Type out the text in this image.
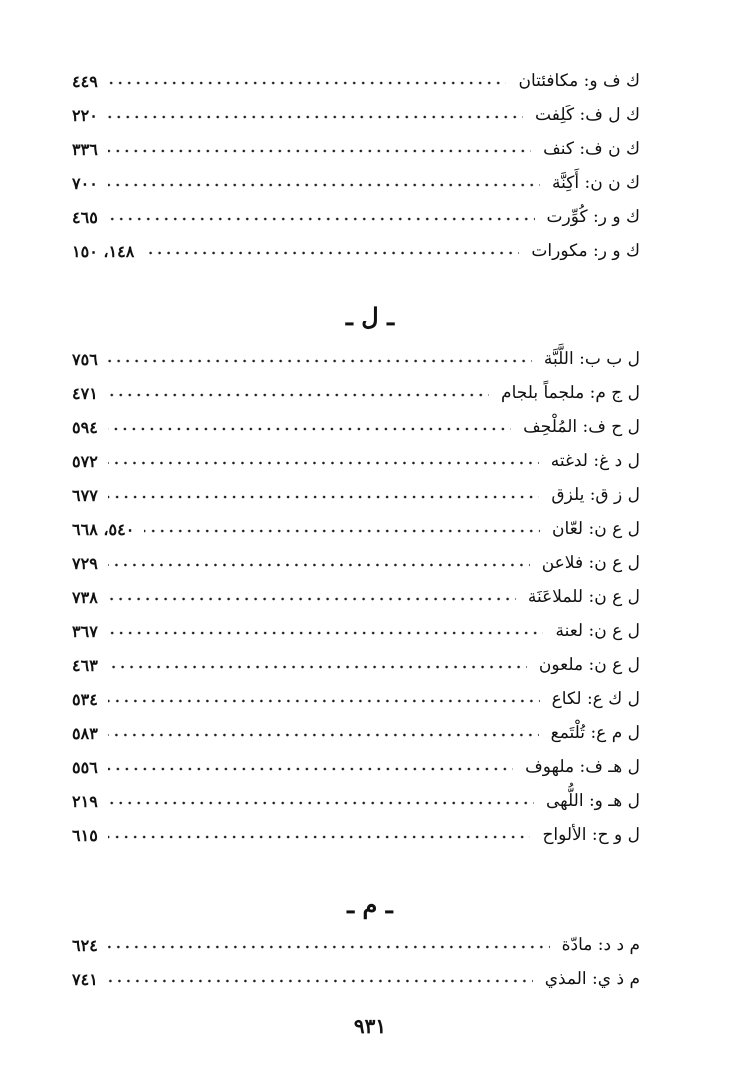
ك ف و: مكافئتان
٤٤٩
ك ل ف: كَلِفت
٢٢٠
ك ن ف: كنف
٣٣٦
ك ن ن: أَكِنَّة
٧٠٠
ك و ر: كُوِّرت
٤٦٥
ك و ر: مكورات
١٤٨، ١٥٠
ـ ل ـ
ل ب ب: اللَّبَّة
٧٥٦
ل ج م: ملجماً بلجام
٤٧١
ل ح ف: المُلْحِف
٥٩٤
ل د غ: لدغته
٥٧٢
ل ز ق: يلزق
٦٧٧
ل ع ن: لعّان
٥٤٠، ٦٦٨
ل ع ن: فلاعن
٧٢٩
ل ع ن: للملاعَنَة
٧٣٨
ل ع ن: لعنة
٣٦٧
ل ع ن: ملعون
٤٦٣
ل ك ع: لكاع
٥٣٤
ل م ع: تُلْتَمع
٥٨٣
ل هـ ف: ملهوف
٥٥٦
ل هـ و: اللُّهى
٢١٩
ل و ح: الألواح
٦١٥
ـ م ـ
م د د: مادّة
٦٢٤
م ذ ي: المذي
٧٤١
٩٣١
